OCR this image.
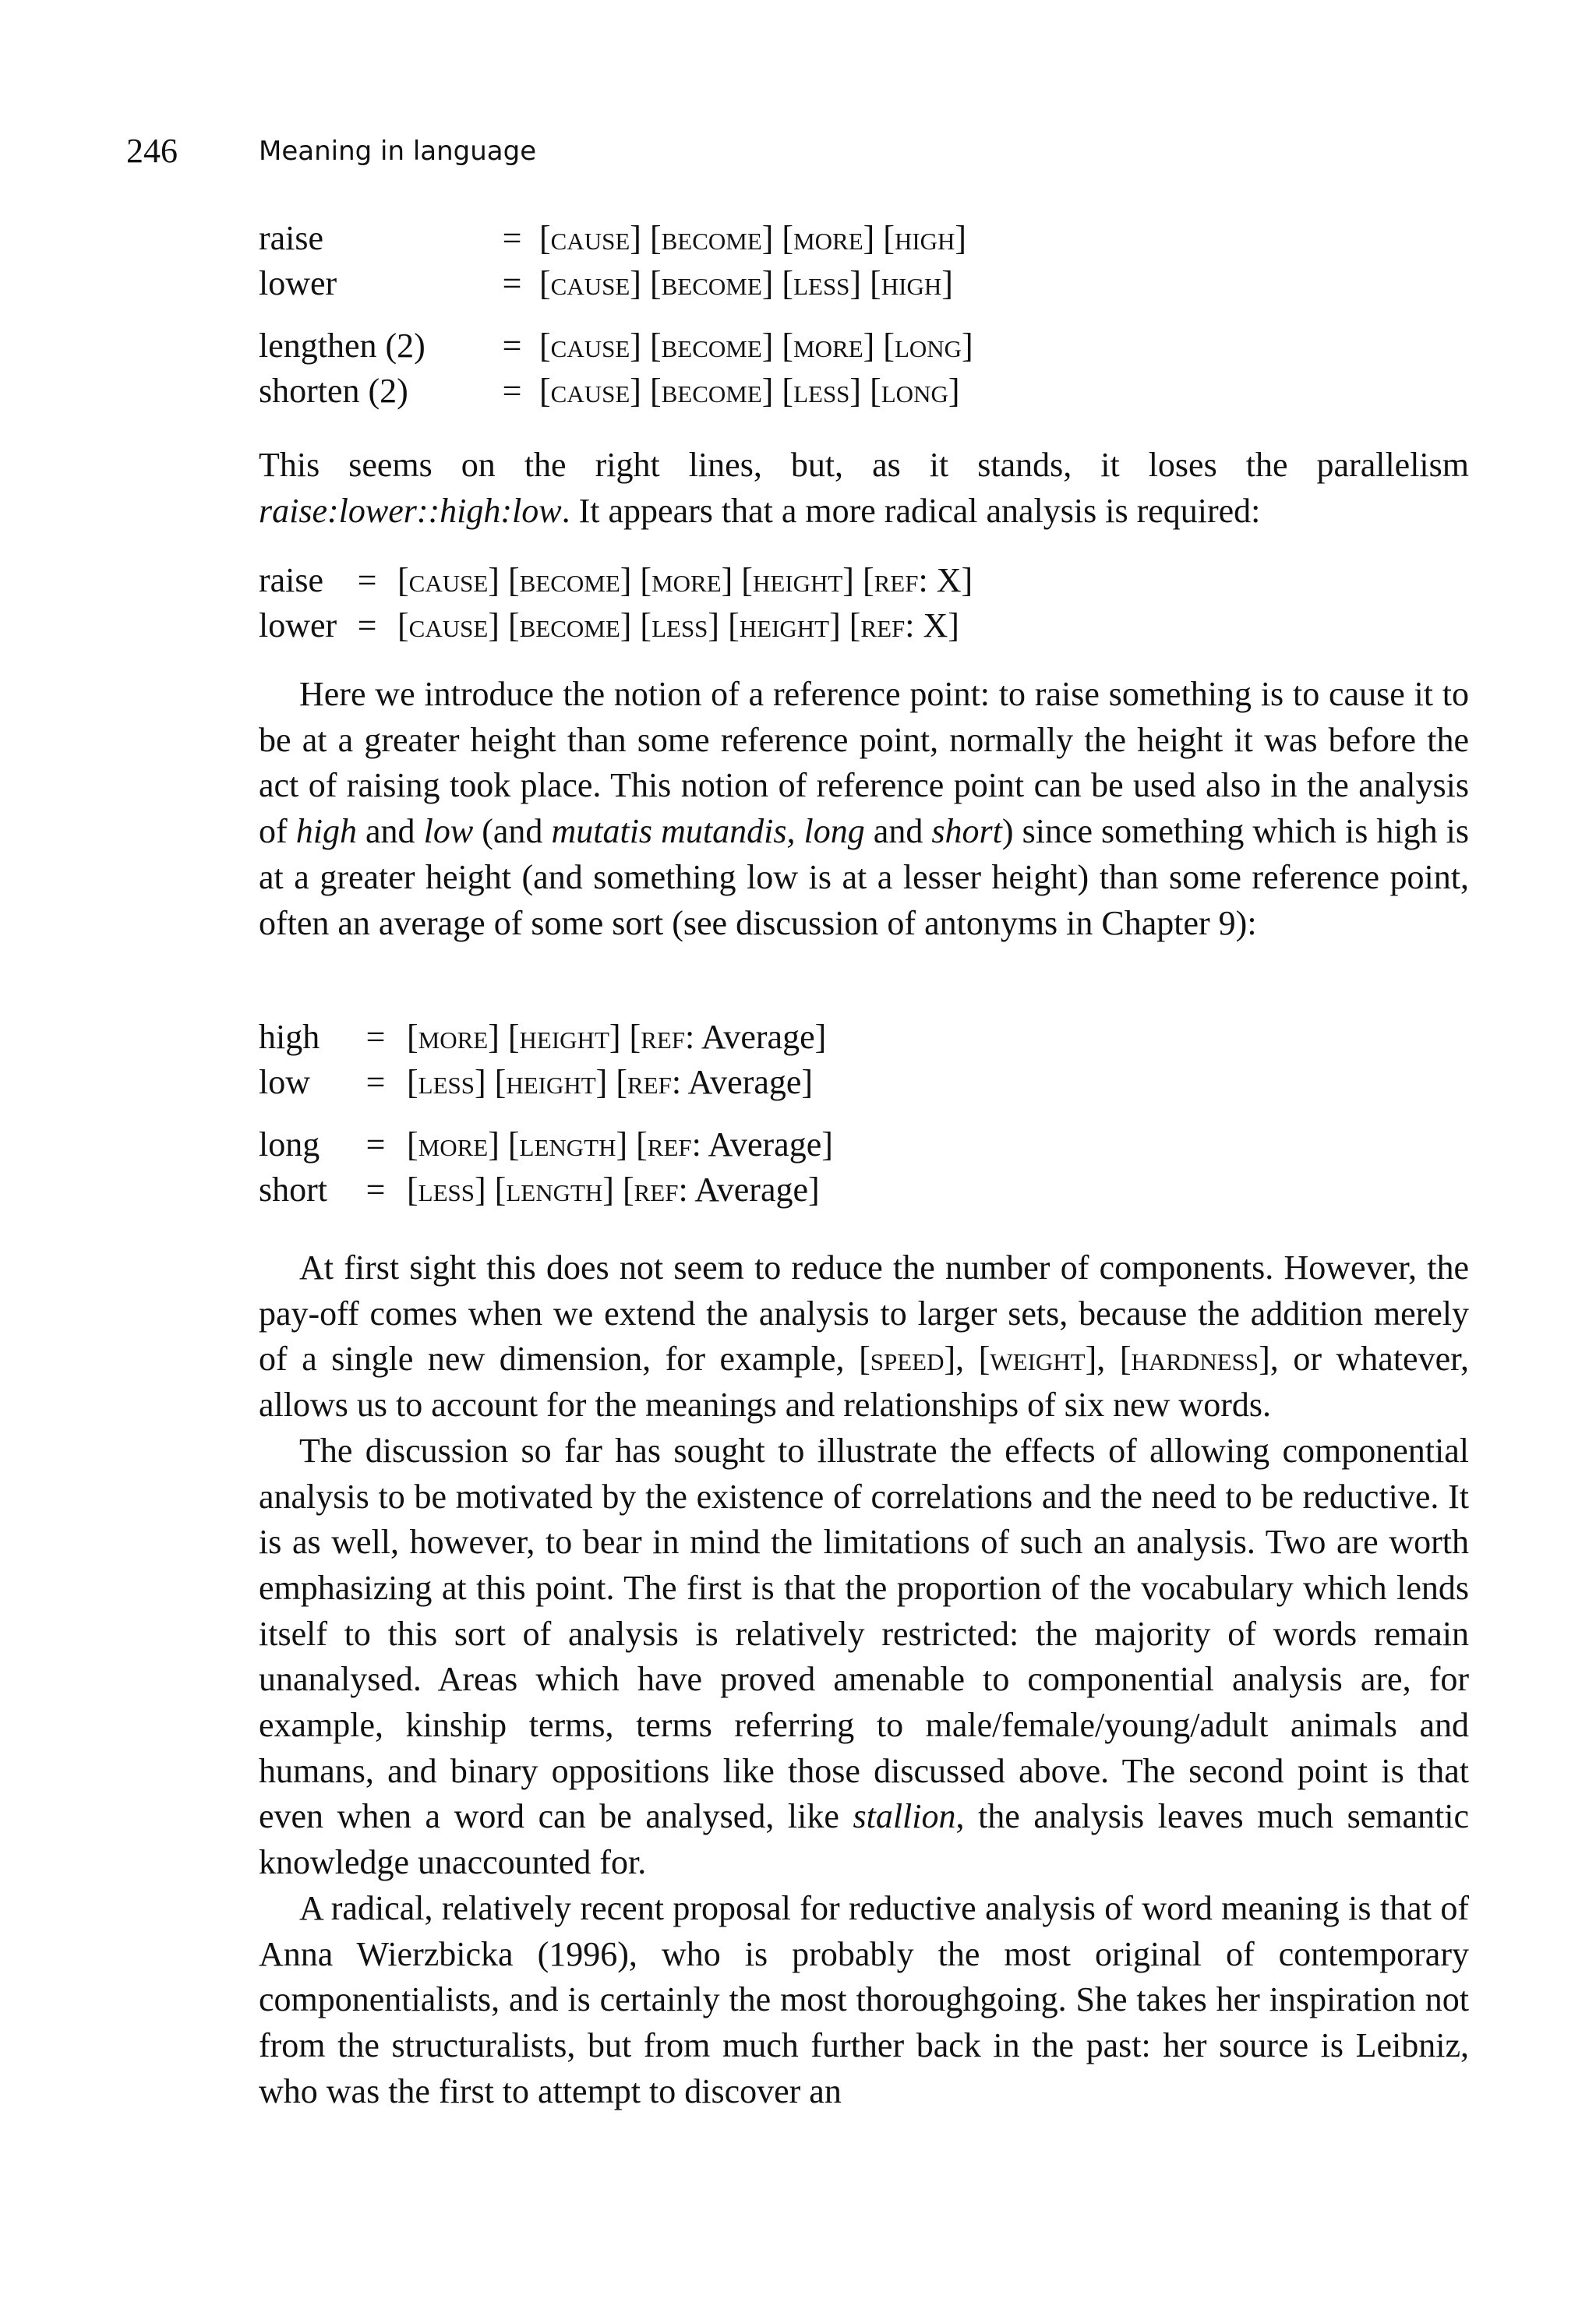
246	Meaning in language
raise	= [cause] [become] [more] [high]
lower	= [cause] [become] [less] [high]
lengthen (2)	= [cause] [become] [more] [long]
shorten (2)	= [cause] [become] [less] [long]

This seems on the right lines, but, as it stands, it loses the parallelism raise:lower::high:low. It appears that a more radical analysis is required:

raise = [cause] [become] [more] [height] [ref: X]
lower = [cause] [become] [less] [height] [ref: X]

Here we introduce the notion of a reference point: to raise something is to cause it to be at a greater height than some reference point, normally the height it was before the act of raising took place. This notion of reference point can be used also in the analysis of high and low (and mutatis mutandis, long and short) since something which is high is at a greater height (and something low is at a lesser height) than some reference point, often an average of some sort (see discussion of antonyms in Chapter 9):

high	= [more] [height] [ref: Average]
low	= [less] [height] [ref: Average]
long	= [more] [length] [ref: Average]
short	= [less] [length] [ref: Average]

At first sight this does not seem to reduce the number of components. However, the pay-off comes when we extend the analysis to larger sets, because the addition merely of a single new dimension, for example, [speed], [weight], [hardness], or whatever, allows us to account for the meanings and relationships of six new words.

The discussion so far has sought to illustrate the effects of allowing componential analysis to be motivated by the existence of correlations and the need to be reductive. It is as well, however, to bear in mind the limitations of such an analysis. Two are worth emphasizing at this point. The first is that the proportion of the vocabulary which lends itself to this sort of analysis is relatively restricted: the majority of words remain unanalysed. Areas which have proved amenable to componential analysis are, for example, kinship terms, terms referring to male/female/young/adult animals and humans, and binary oppositions like those discussed above. The second point is that even when a word can be analysed, like stallion, the analysis leaves much semantic knowledge unaccounted for.

A radical, relatively recent proposal for reductive analysis of word meaning is that of Anna Wierzbicka (1996), who is probably the most original of contemporary componentialists, and is certainly the most thoroughgoing. She takes her inspiration not from the structuralists, but from much further back in the past: her source is Leibniz, who was the first to attempt to discover an
